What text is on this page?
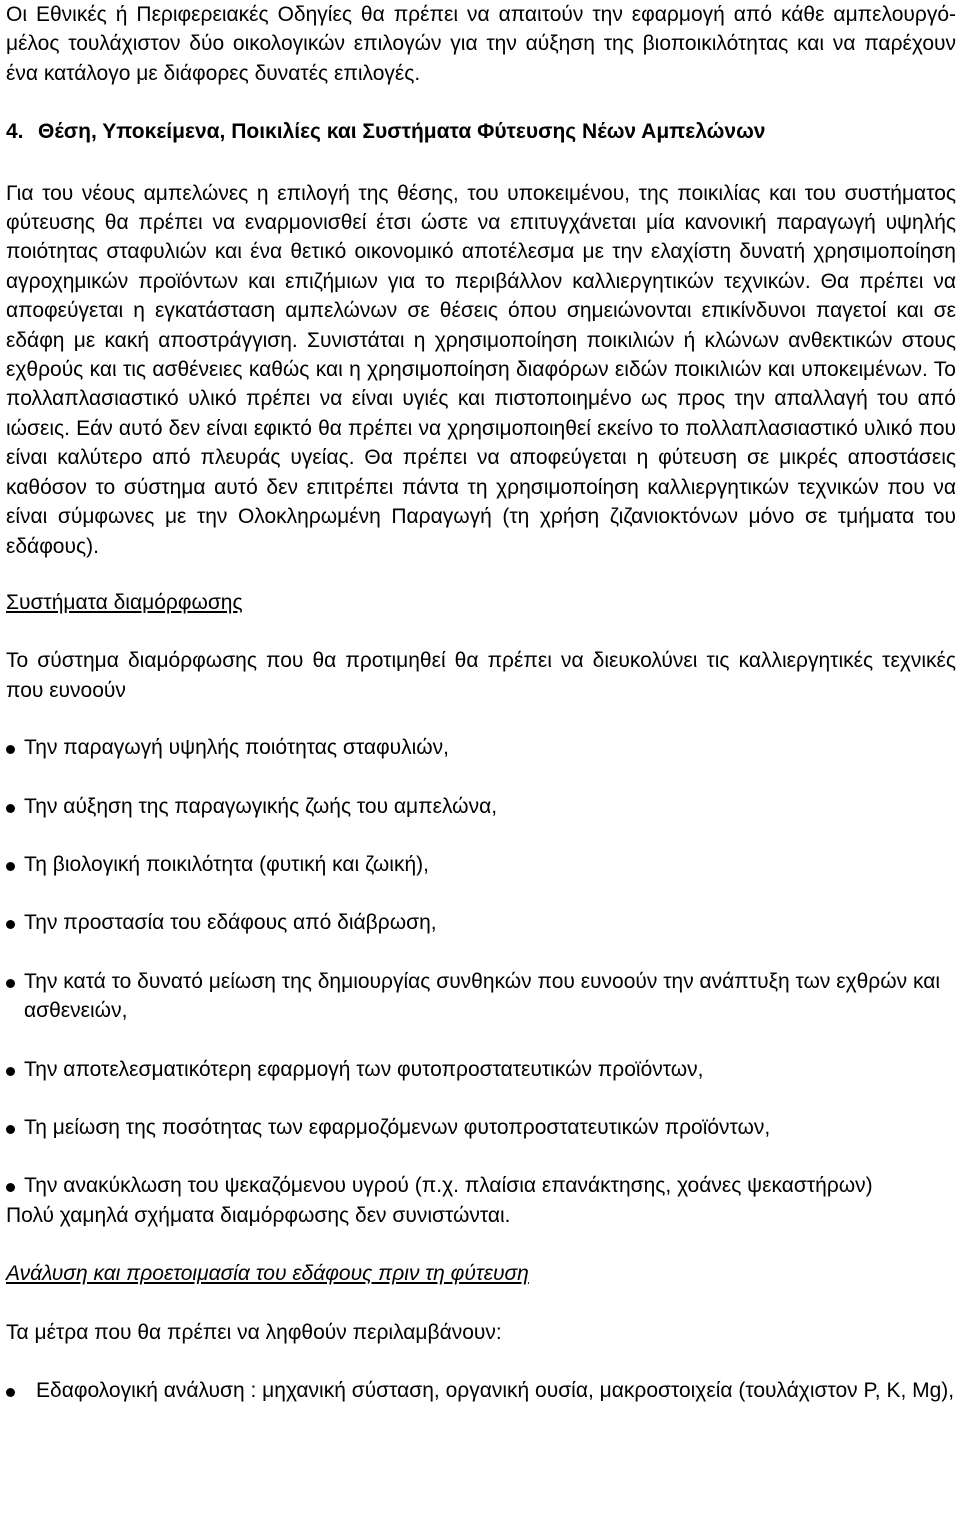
Οι Εθνικές ή Περιφερειακές Οδηγίες θα πρέπει να απαιτούν την εφαρμογή από κάθε αμπελουργό-μέλος τουλάχιστον δύο οικολογικών επιλογών για την αύξηση της βιοποικιλότητας και να παρέχουν ένα κατάλογο με διάφορες δυνατές επιλογές.

4. Θέση, Υποκείμενα, Ποικιλίες και Συστήματα Φύτευσης Νέων Αμπελώνων

Για του νέους αμπελώνες η επιλογή της θέσης, του υποκειμένου, της ποικιλίας και του συστήματος φύτευσης θα πρέπει να εναρμονισθεί έτσι ώστε να επιτυγχάνεται μία κανονική παραγωγή υψηλής ποιότητας σταφυλιών και ένα θετικό οικονομικό αποτέλεσμα με την ελαχίστη δυνατή χρησιμοποίηση αγροχημικών προϊόντων και επιζήμιων για το περιβάλλον καλλιεργητικών τεχνικών. Θα πρέπει να αποφεύγεται η εγκατάσταση αμπελώνων σε θέσεις όπου σημειώνονται επικίνδυνοι παγετοί και σε εδάφη με κακή αποστράγγιση. Συνιστάται η χρησιμοποίηση ποικιλιών ή κλώνων ανθεκτικών στους εχθρούς και τις ασθένειες καθώς και η χρησιμοποίηση διαφόρων ειδών ποικιλιών και υποκειμένων. Το πολλαπλασιαστικό υλικό πρέπει να είναι υγιές και πιστοποιημένο ως προς την απαλλαγή του από ιώσεις. Εάν αυτό δεν είναι εφικτό θα πρέπει να χρησιμοποιηθεί εκείνο το πολλαπλασιαστικό υλικό που είναι καλύτερο από πλευράς υγείας. Θα πρέπει να αποφεύγεται η φύτευση σε μικρές αποστάσεις καθόσον το σύστημα αυτό δεν επιτρέπει πάντα τη χρησιμοποίηση καλλιεργητικών τεχνικών που να είναι σύμφωνες με την Ολοκληρωμένη Παραγωγή (τη χρήση ζιζανιοκτόνων μόνο σε τμήματα του εδάφους).

Συστήματα διαμόρφωσης

Το σύστημα διαμόρφωσης που θα προτιμηθεί θα πρέπει να διευκολύνει τις καλλιεργητικές τεχνικές που ευνοούν

Την παραγωγή υψηλής ποιότητας σταφυλιών,
Την αύξηση της παραγωγικής ζωής του αμπελώνα,
Τη βιολογική ποικιλότητα (φυτική και ζωική),
Την προστασία του εδάφους από διάβρωση,
Την κατά το δυνατό μείωση της δημιουργίας συνθηκών που ευνοούν την ανάπτυξη των εχθρών και ασθενειών,
Την αποτελεσματικότερη εφαρμογή των φυτοπροστατευτικών προϊόντων,
Τη μείωση της ποσότητας των εφαρμοζόμενων φυτοπροστατευτικών προϊόντων,
Την ανακύκλωση του ψεκαζόμενου υγρού (π.χ. πλαίσια επανάκτησης, χοάνες ψεκαστήρων)

Πολύ χαμηλά σχήματα διαμόρφωσης δεν συνιστώνται.

Ανάλυση και προετοιμασία του εδάφους πριν τη φύτευση

Τα μέτρα που θα πρέπει να ληφθούν περιλαμβάνουν:

Εδαφολογική ανάλυση : μηχανική σύσταση, οργανική ουσία, μακροστοιχεία (τουλάχιστον P, K, Mg),
